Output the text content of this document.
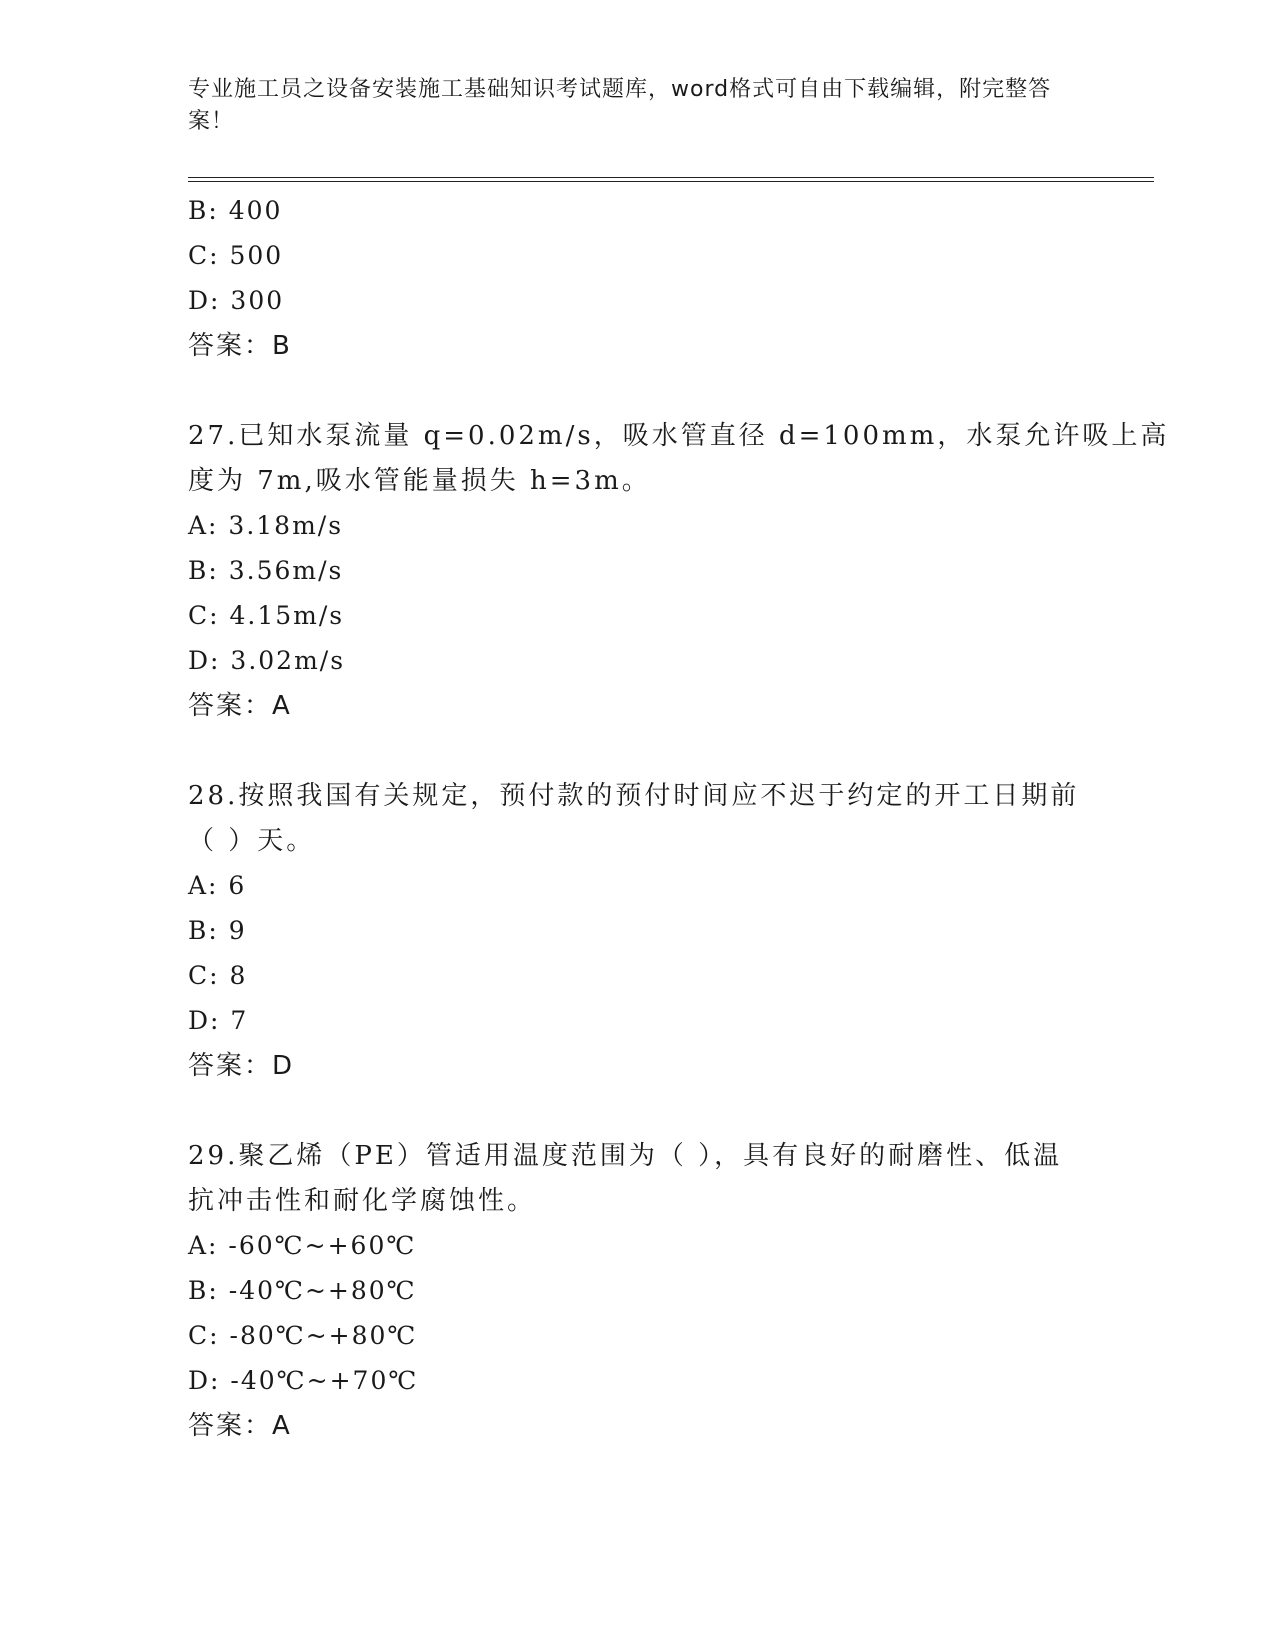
专业施工员之设备安装施工基础知识考试题库，word格式可自由下载编辑，附完整答案！
B: 400
C: 500
D: 300
答案：B
27.已知水泵流量 q=0.02m/s，吸水管直径 d=100mm，水泵允许吸上高
度为 7m,吸水管能量损失 h=3m。
A: 3.18m/s
B: 3.56m/s
C: 4.15m/s
D: 3.02m/s
答案：A
28.按照我国有关规定，预付款的预付时间应不迟于约定的开工日期前
（ ）天。
A: 6
B: 9
C: 8
D: 7
答案：D
29.聚乙烯（PE）管适用温度范围为（ ），具有良好的耐磨性、低温
抗冲击性和耐化学腐蚀性。
A: -60℃~+60℃
B: -40℃~+80℃
C: -80℃~+80℃
D: -40℃~+70℃
答案：A
